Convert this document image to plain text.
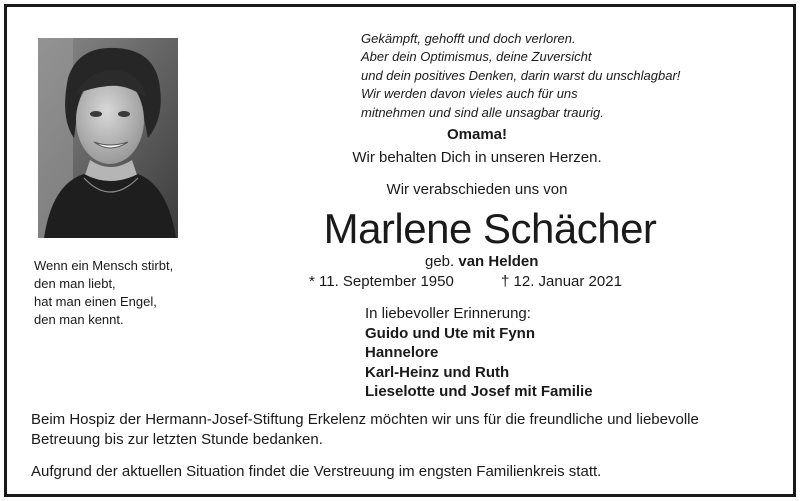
Wenn ein Mensch stirbt,
den man liebt,
hat man einen Engel,
den man kennt.
Gekämpft, gehofft und doch verloren.
Aber dein Optimismus, deine Zuversicht
und dein positives Denken, darin warst du unschlagbar!
Wir werden davon vieles auch für uns
mitnehmen und sind alle unsagbar traurig.
Omama!
Wir behalten Dich in unseren Herzen.
Wir verabschieden uns von
Marlene Schächer
geb. van Helden
* 11. September 1950	† 12. Januar 2021
In liebevoller Erinnerung:
Guido und Ute mit Fynn
Hannelore
Karl-Heinz und Ruth
Lieselotte und Josef mit Familie
Beim Hospiz der Hermann-Josef-Stiftung Erkelenz möchten wir uns für die freundliche und liebevolle Betreuung bis zur letzten Stunde bedanken.
Aufgrund der aktuellen Situation findet die Verstreuung im engsten Familienkreis statt.
